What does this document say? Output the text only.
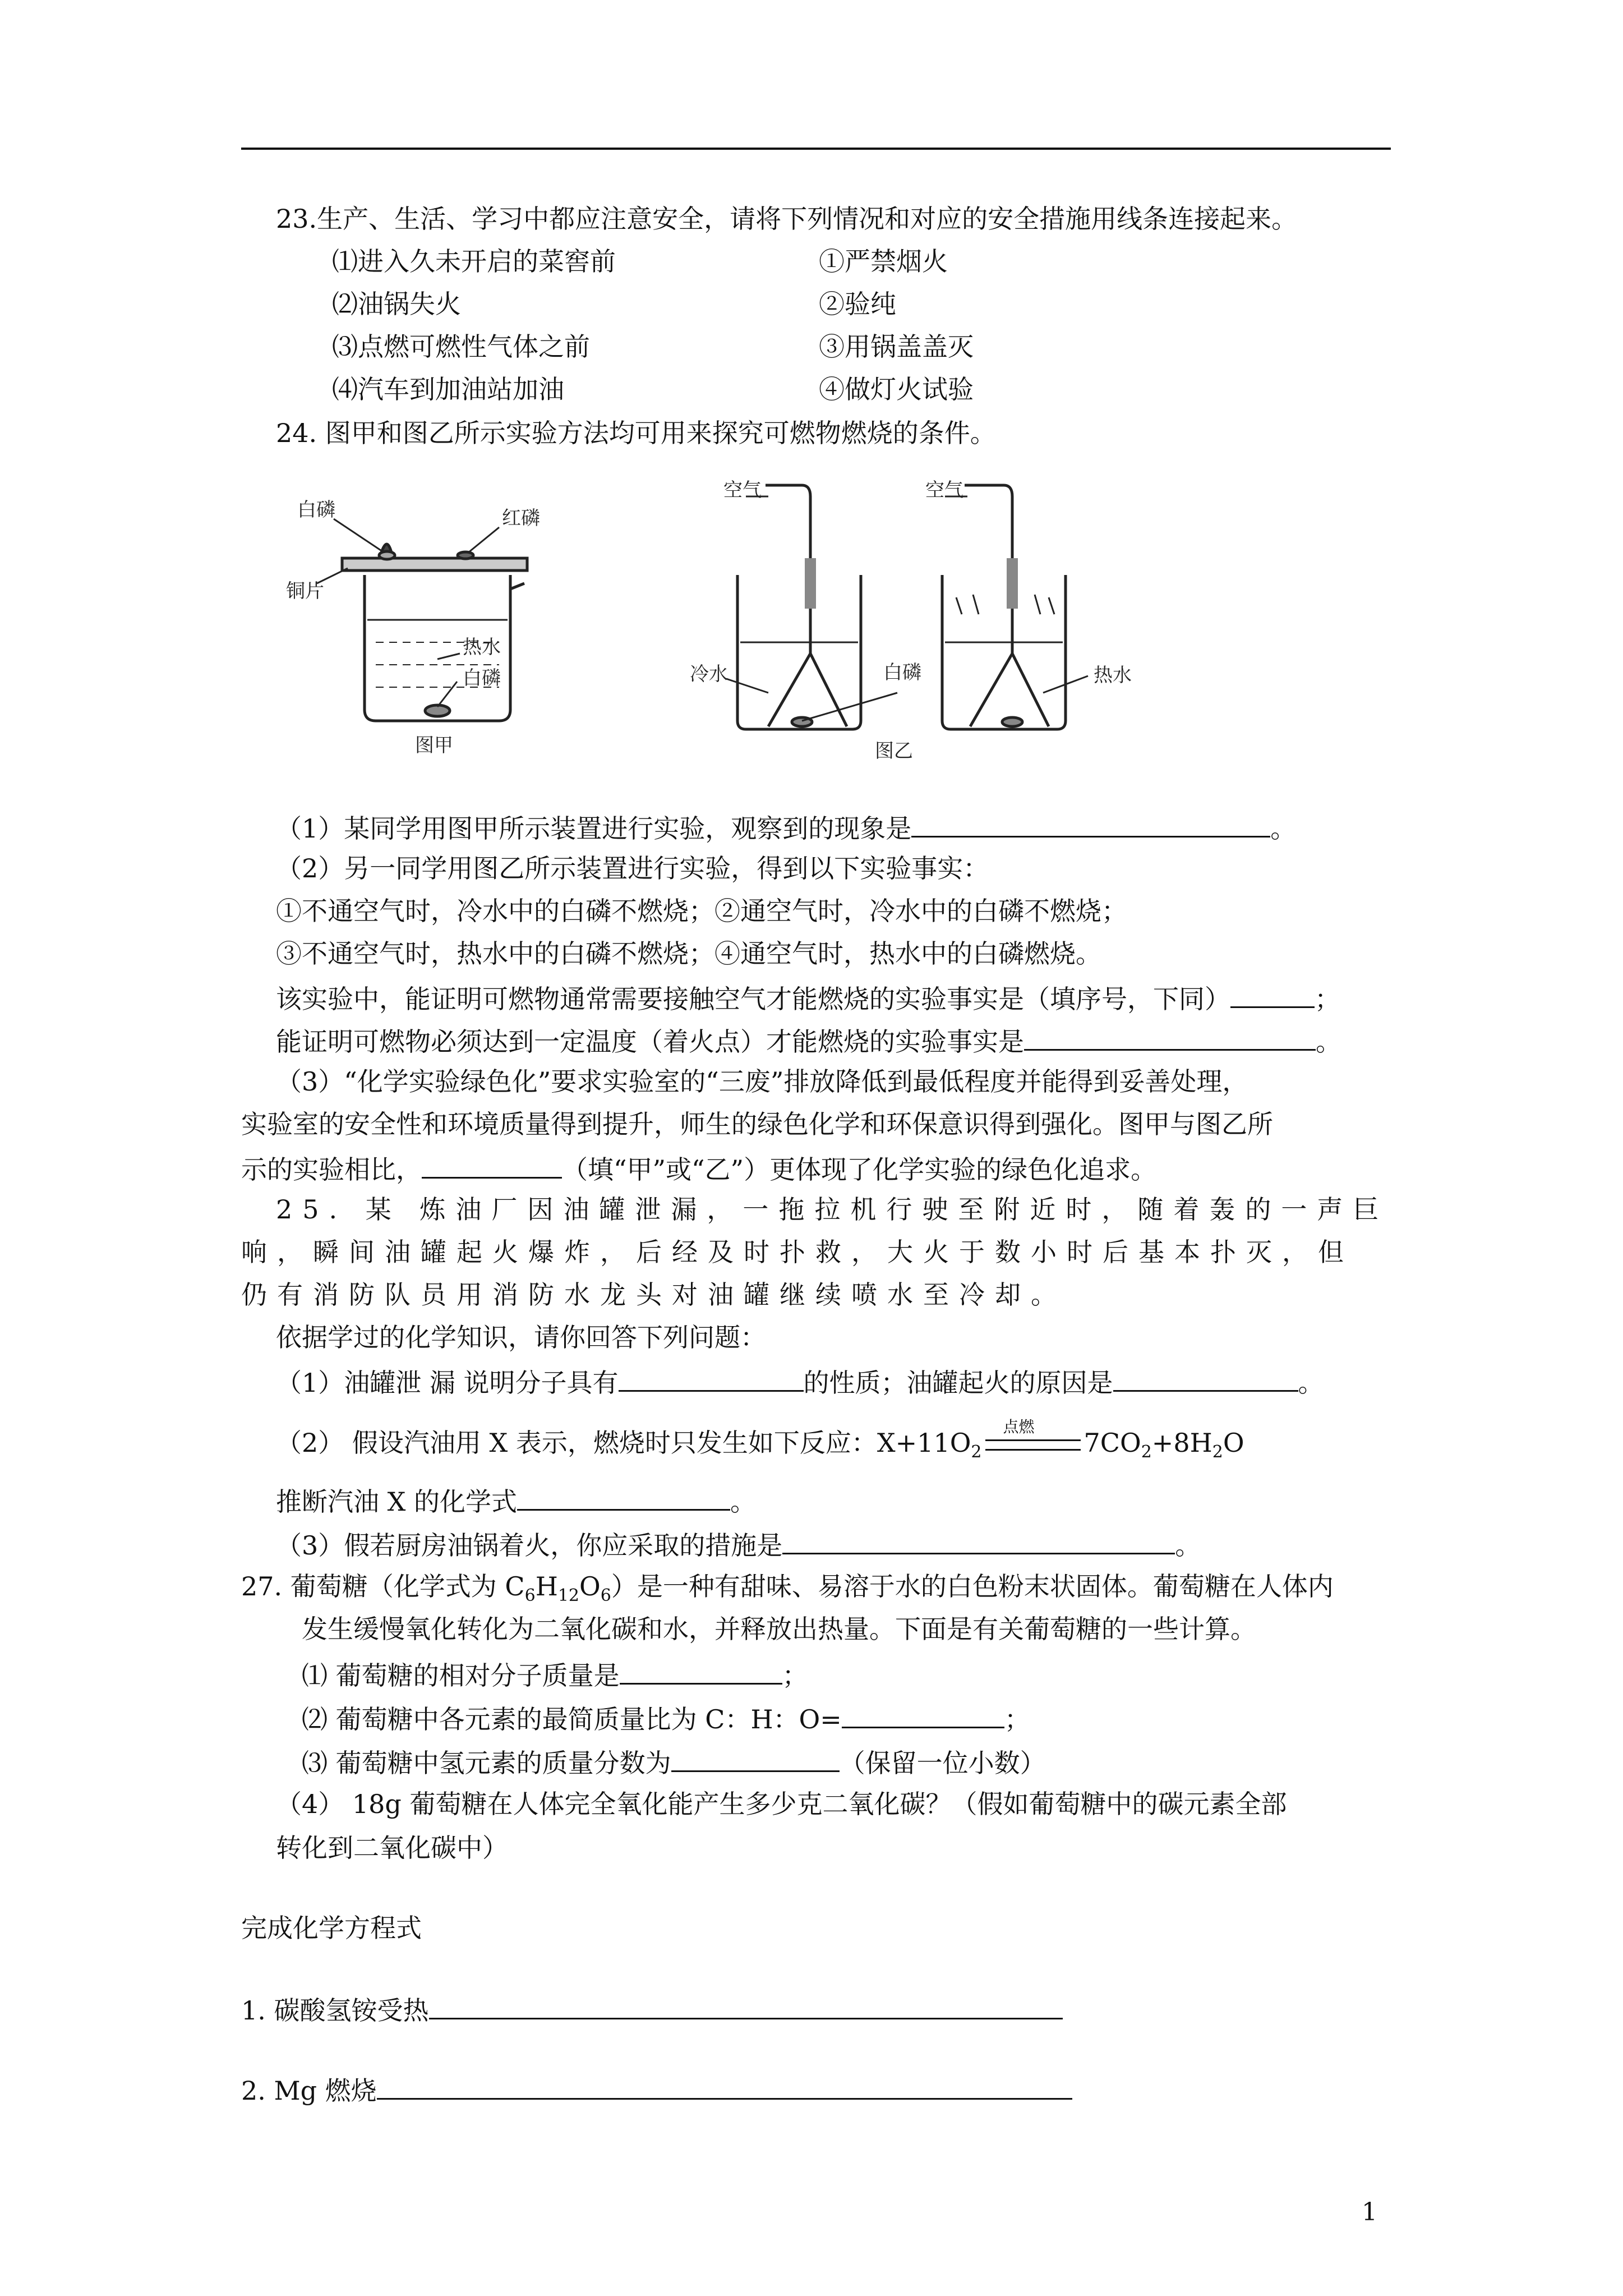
23.生产、生活、学习中都应注意安全，请将下列情况和对应的安全措施用线条连接起来。
⑴进入久未开启的菜窖前	①严禁烟火
⑵油锅失火	②验纯
⑶点燃可燃性气体之前	③用锅盖盖灭
⑷汽车到加油站加油	④做灯火试验
24. 图甲和图乙所示实验方法均可用来探究可燃物燃烧的条件。
白磷	红磷
铜片
热水
白磷
图甲
空气
冷水	白磷
空气
热水
图乙
（1）某同学用图甲所示装置进行实验，观察到的现象是	。
（2）另一同学用图乙所示装置进行实验，得到以下实验事实：
①不通空气时，冷水中的白磷不燃烧；②通空气时，冷水中的白磷不燃烧；
③不通空气时，热水中的白磷不燃烧；④通空气时，热水中的白磷燃烧。
该实验中，能证明可燃物通常需要接触空气才能燃烧的实验事实是（填序号，下同）	；
能证明可燃物必须达到一定温度（着火点）才能燃烧的实验事实是	。
（3）“化学实验绿色化”要求实验室的“三废”排放降低到最低程度并能得到妥善处理，
实验室的安全性和环境质量得到提升，师生的绿色化学和环保意识得到强化。图甲与图乙所
示的实验相比，	（填“甲”或“乙”）更体现了化学实验的绿色化追求。
25. 某 炼油厂因油罐泄漏，一拖拉机行驶至附近时，随着轰的一声巨
响，瞬间油罐起火爆炸，后经及时扑救，大火于数小时后基本扑灭，但
仍有消防队员用消防水龙头对油罐继续喷水至冷却。
依据学过的化学知识，请你回答下列问题：
（1）油罐泄 漏 说明分子具有	的性质；油罐起火的原因是	。
（2） 假设汽油用 X 表示，燃烧时只发生如下反应：$X+11O_2$
点燃
$7CO_2+8H_2O$
推断汽油 X 的化学式	。
（3）假若厨房油锅着火，你应采取的措施是	。
27. 葡萄糖（化学式为 $C_6H_{12}O_6$）是一种有甜味、易溶于水的白色粉末状固体。葡萄糖在人体内
发生缓慢氧化转化为二氧化碳和水，并释放出热量。下面是有关葡萄糖的一些计算。
⑴ 葡萄糖的相对分子质量是	；
⑵ 葡萄糖中各元素的最简质量比为 C：H：O=	；
⑶ 葡萄糖中氢元素的质量分数为	（保留一位小数）
（4） 18g 葡萄糖在人体完全氧化能产生多少克二氧化碳？（假如葡萄糖中的碳元素全部
转化到二氧化碳中）
完成化学方程式
1. 碳酸氢铵受热
2. Mg 燃烧
1
